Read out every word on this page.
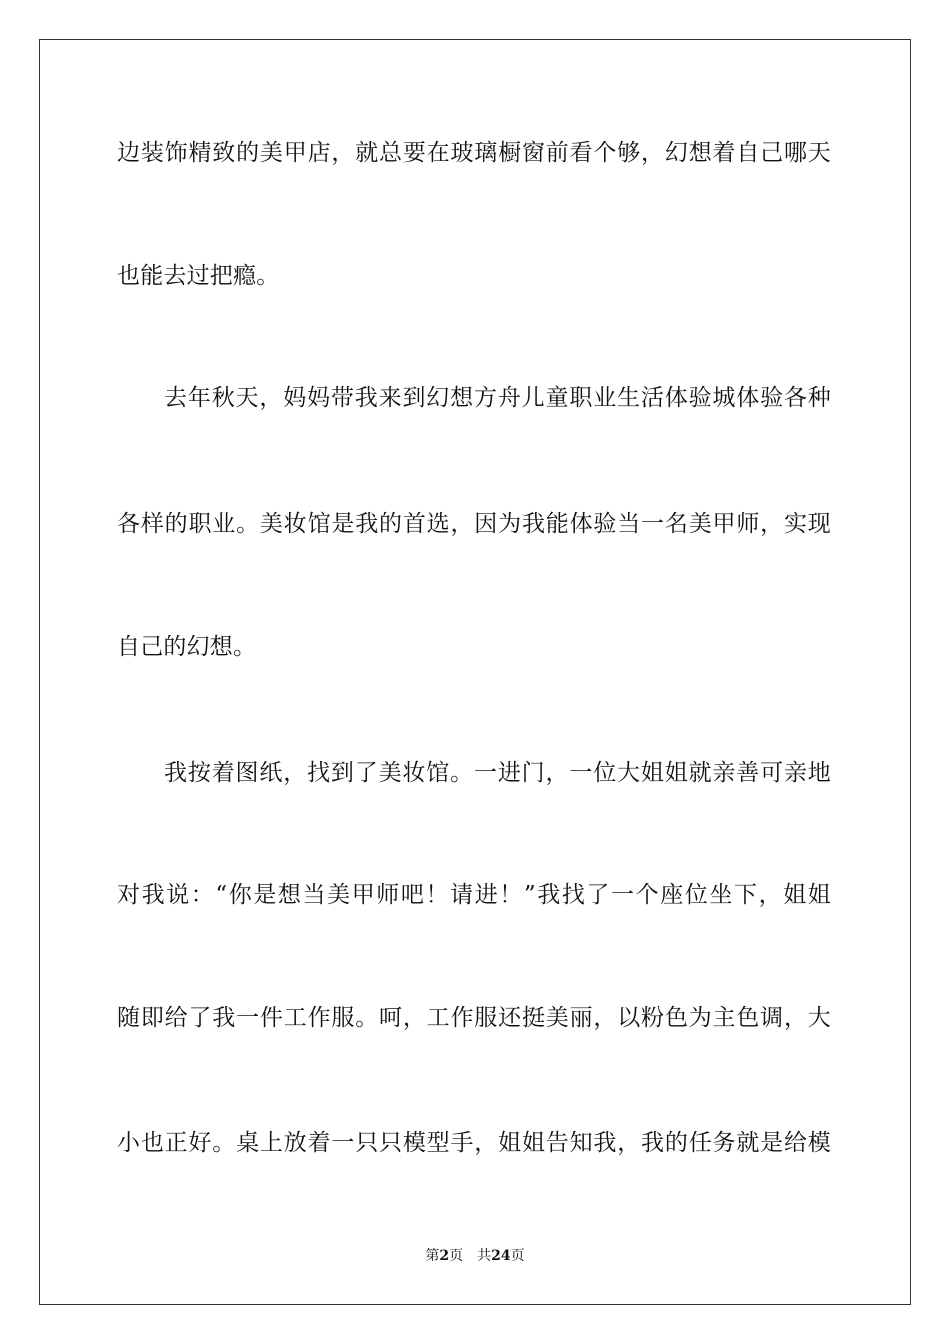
边装饰精致的美甲店，就总要在玻璃橱窗前看个够，幻想着自己哪天
也能去过把瘾。
去年秋天，妈妈带我来到幻想方舟儿童职业生活体验城体验各种
各样的职业。美妆馆是我的首选，因为我能体验当一名美甲师，实现
自己的幻想。
我按着图纸，找到了美妆馆。一进门，一位大姐姐就亲善可亲地
对我说：“你是想当美甲师吧！请进！”我找了一个座位坐下，姐姐
随即给了我一件工作服。呵，工作服还挺美丽，以粉色为主色调，大
小也正好。桌上放着一只只模型手，姐姐告知我，我的任务就是给模
第2页 共24页
